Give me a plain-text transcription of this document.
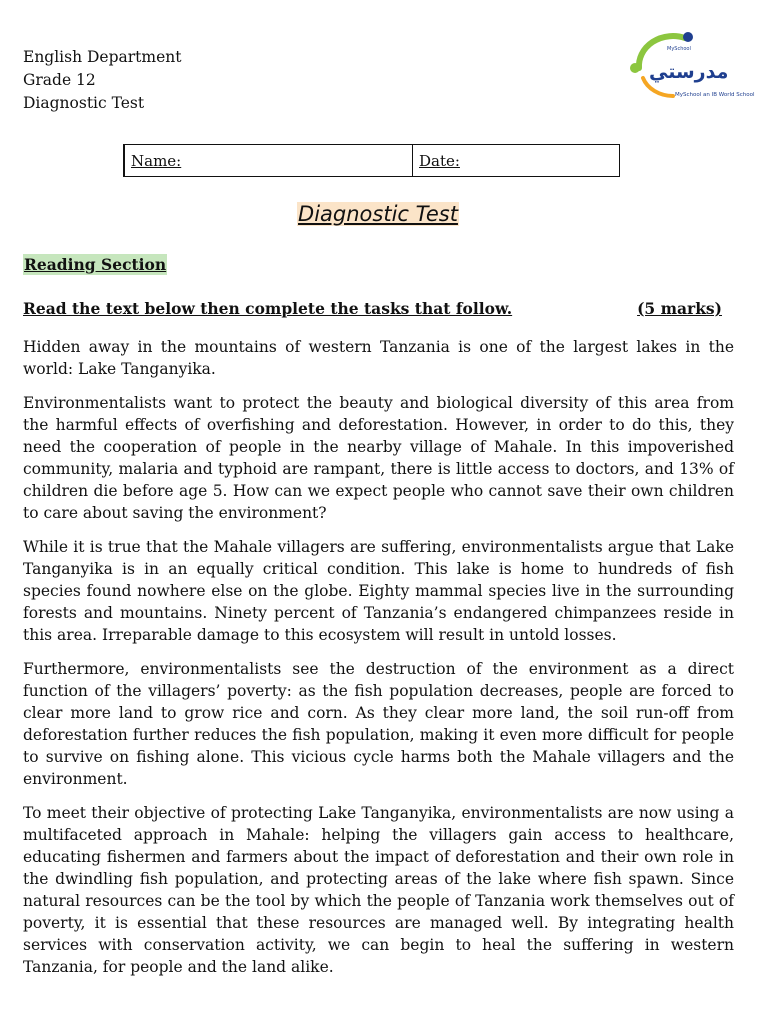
English Department
Grade 12
Diagnostic Test
MySchool
مدرستي
MySchool an IB World School
Name:	Date:
Diagnostic Test
Reading Section
Read the text below then complete the tasks that follow.	(5 marks)

Hidden away in the mountains of western Tanzania is one of the largest lakes in the world: Lake Tanganyika.

Environmentalists want to protect the beauty and biological diversity of this area from the harmful effects of overfishing and deforestation. However, in order to do this, they need the cooperation of people in the nearby village of Mahale. In this impoverished community, malaria and typhoid are rampant, there is little access to doctors, and 13% of children die before age 5. How can we expect people who cannot save their own children to care about saving the environment?

While it is true that the Mahale villagers are suffering, environmentalists argue that Lake Tanganyika is in an equally critical condition. This lake is home to hundreds of fish species found nowhere else on the globe. Eighty mammal species live in the surrounding forests and mountains. Ninety percent of Tanzania’s endangered chimpanzees reside in this area. Irreparable damage to this ecosystem will result in untold losses.

Furthermore, environmentalists see the destruction of the environment as a direct function of the villagers’ poverty: as the fish population decreases, people are forced to clear more land to grow rice and corn. As they clear more land, the soil run-off from deforestation further reduces the fish population, making it even more difficult for people to survive on fishing alone. This vicious cycle harms both the Mahale villagers and the environment.

To meet their objective of protecting Lake Tanganyika, environmentalists are now using a multifaceted approach in Mahale: helping the villagers gain access to healthcare, educating fishermen and farmers about the impact of deforestation and their own role in the dwindling fish population, and protecting areas of the lake where fish spawn. Since natural resources can be the tool by which the people of Tanzania work themselves out of poverty, it is essential that these resources are managed well. By integrating health services with conservation activity, we can begin to heal the suffering in western Tanzania, for people and the land alike.
